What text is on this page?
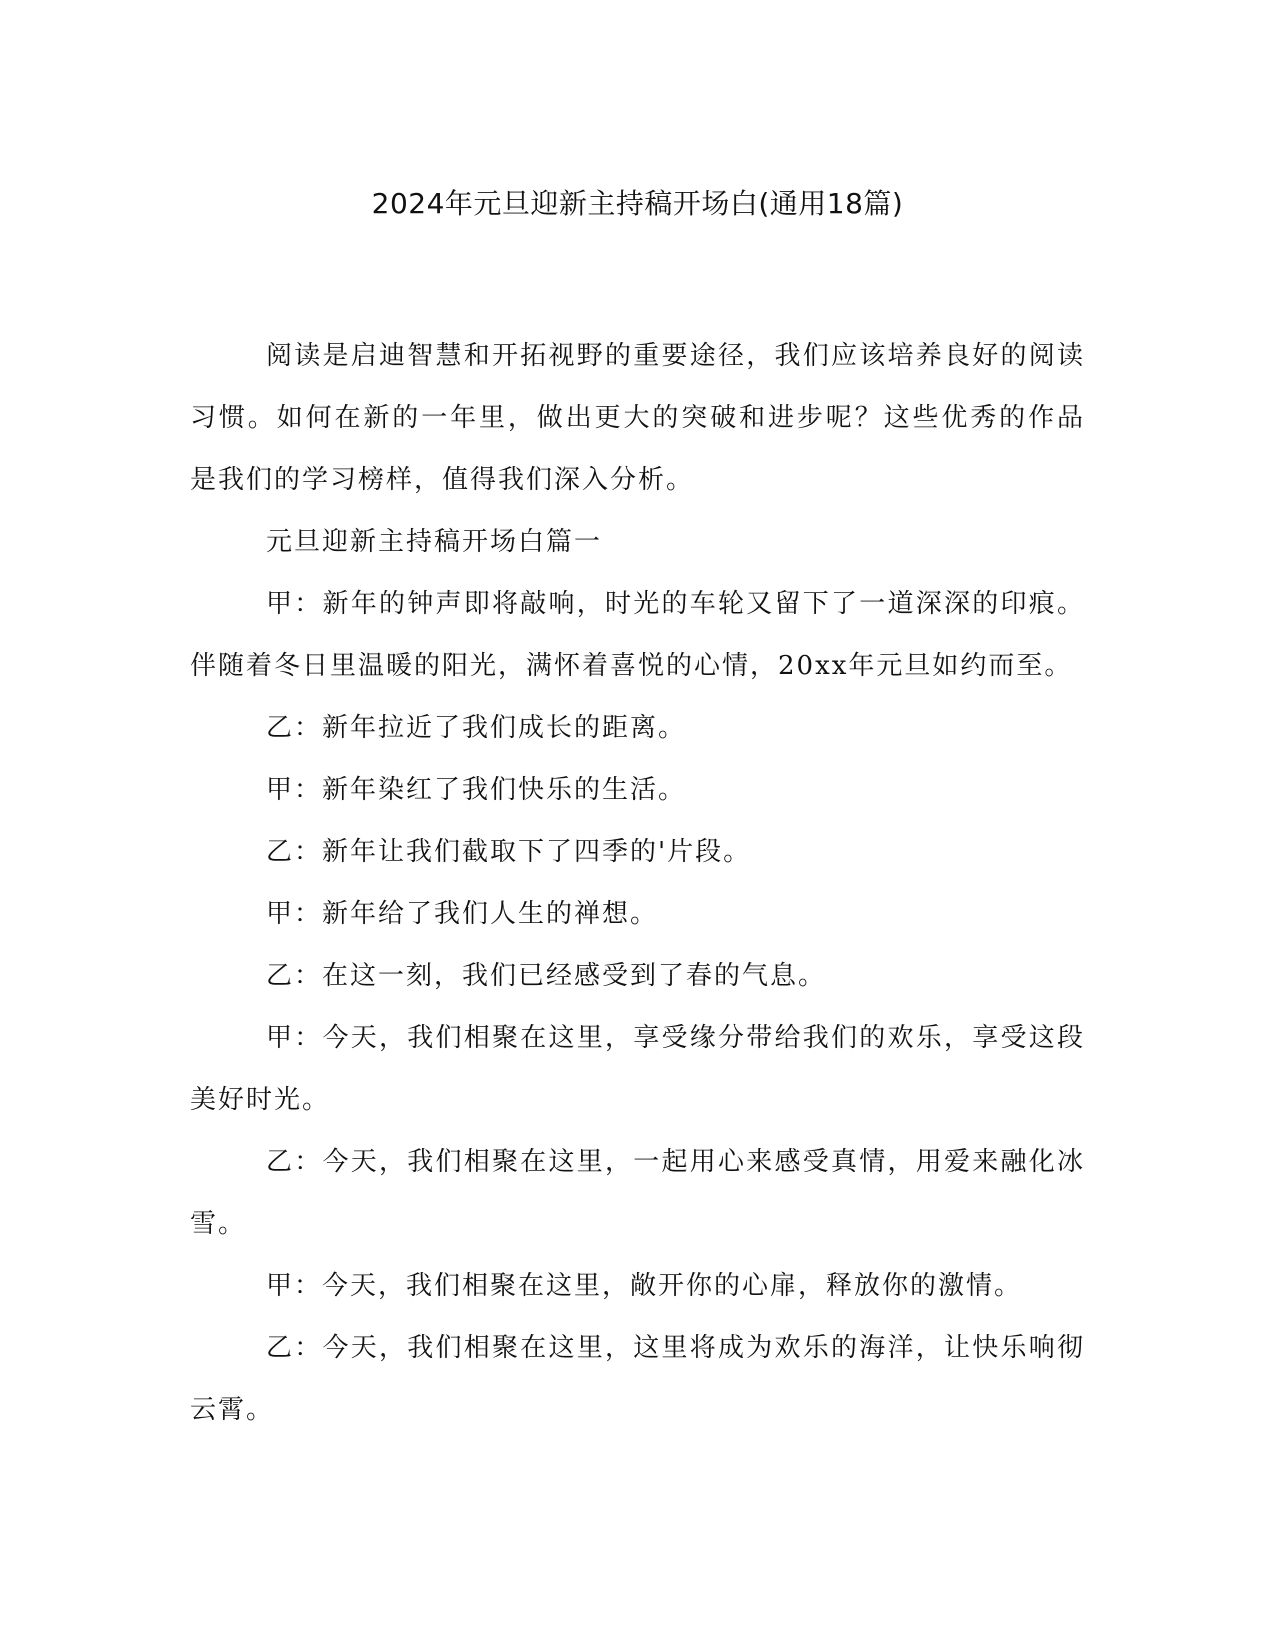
2024年元旦迎新主持稿开场白(通用18篇)

阅读是启迪智慧和开拓视野的重要途径，我们应该培养良好的阅读习惯。如何在新的一年里，做出更大的突破和进步呢？这些优秀的作品是我们的学习榜样，值得我们深入分析。

元旦迎新主持稿开场白篇一

甲：新年的钟声即将敲响，时光的车轮又留下了一道深深的印痕。伴随着冬日里温暖的阳光，满怀着喜悦的心情，20xx年元旦如约而至。

乙：新年拉近了我们成长的距离。

甲：新年染红了我们快乐的生活。

乙：新年让我们截取下了四季的'片段。

甲：新年给了我们人生的禅想。

乙：在这一刻，我们已经感受到了春的气息。

甲：今天，我们相聚在这里，享受缘分带给我们的欢乐，享受这段美好时光。

乙：今天，我们相聚在这里，一起用心来感受真情，用爱来融化冰雪。

甲：今天，我们相聚在这里，敞开你的心扉，释放你的激情。

乙：今天，我们相聚在这里，这里将成为欢乐的海洋，让快乐响彻云霄。
